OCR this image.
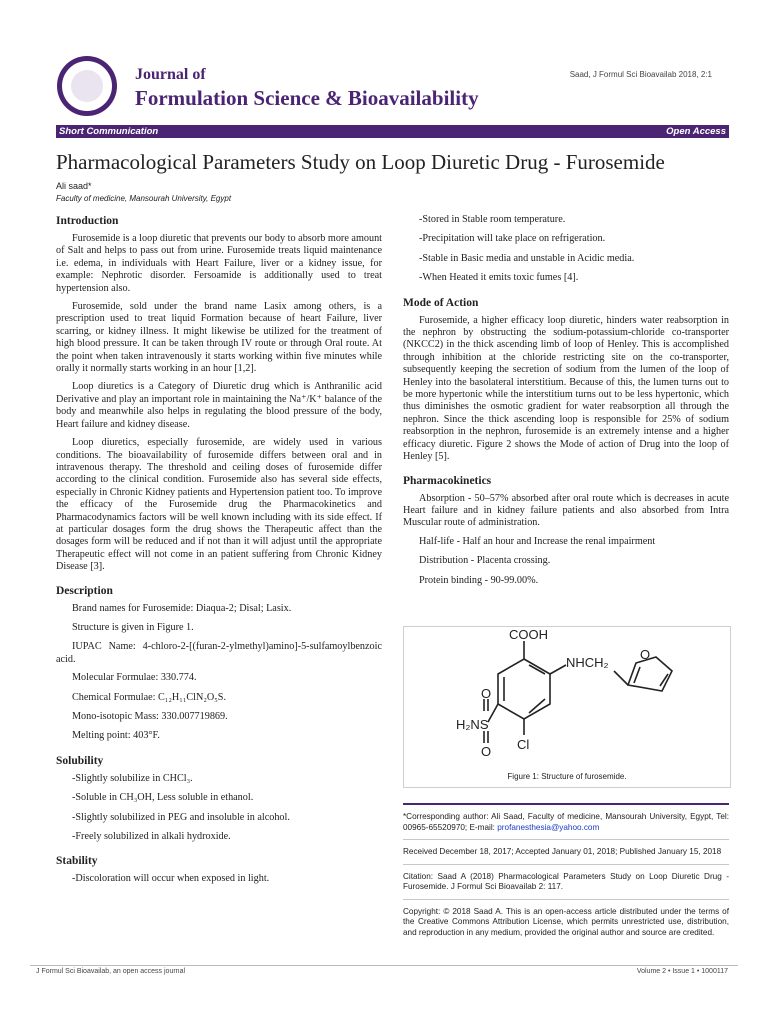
Journal of
Formulation Science & Bioavailability
Saad, J Formul Sci Bioavailab 2018, 2:1
Short Communication	Open Access
Pharmacological Parameters Study on Loop Diuretic Drug - Furosemide
Ali saad*
Faculty of medicine, Mansourah University, Egypt
Introduction

Furosemide is a loop diuretic that prevents our body to absorb more amount of Salt and helps to pass out from urine. Furosemide treats liquid maintenance i.e. edema, in individuals with Heart Failure, liver or a kidney issue, for example: Nephrotic disorder. Fersoamide is additionally used to treat hypertension also.

Furosemide, sold under the brand name Lasix among others, is a prescription used to treat liquid Formation because of heart Failure, liver scarring, or kidney illness. It might likewise be utilized for the treatment of high blood pressure. It can be taken through IV route or through Oral route. At the point when taken intravenously it starts working within five minutes while orally it normally starts working in an hour [1,2].

Loop diuretics is a Category of Diuretic drug which is Anthranilic acid Derivative and play an important role in maintaining the Na⁺/K⁺ balance of the body and meanwhile also helps in regulating the blood pressure of the body, Heart failure and kidney disease.

Loop diuretics, especially furosemide, are widely used in various conditions. The bioavailability of furosemide differs between oral and in intravenous therapy. The threshold and ceiling doses of furosemide differ according to the clinical condition. Furosemide also has several side effects, especially in Chronic Kidney patients and Hypertension patient too. To improve the efficacy of the Furosemide drug the Pharmacokinetics and Pharmacodynamics factors will be well known including with its side effect. If at particular dosages form the drug shows the Therapeutic affect than the dosages form will be reduced and if not than it will adjust until the appropriate Therapeutic effect will not come in an patient suffering from Chronic Kidney Disease [3].

Description

Brand names for Furosemide: Diaqua-2; Disal; Lasix.

Structure is given in Figure 1.

IUPAC Name: 4-chloro-2-[(furan-2-ylmethyl)amino]-5-sulfamoylbenzoic acid.

Molecular Formulae: 330.774.

Chemical Formulae: C₁₂H₁₁ClN₂O₅S.

Mono-isotopic Mass: 330.007719869.

Melting point: 403°F.

Solubility

-Slightly solubilize in CHCl₃.

-Soluble in CH₃OH, Less soluble in ethanol.

-Slightly solubilized in PEG and insoluble in alcohol.

-Freely solubilized in alkali hydroxide.

Stability

-Discoloration will occur when exposed in light.

-Stored in Stable room temperature.

-Precipitation will take place on refrigeration.

-Stable in Basic media and unstable in Acidic media.

-When Heated it emits toxic fumes [4].

Mode of Action

Furosemide, a higher efficacy loop diuretic, hinders water reabsorption in the nephron by obstructing the sodium-potassium-chloride co-transporter (NKCC2) in the thick ascending limb of loop of Henley. This is accomplished through inhibition at the chloride restricting site on the co-transporter, subsequently keeping the secretion of sodium from the lumen of the loop of Henley into the basolateral interstitium. Because of this, the lumen turns out to be more hypertonic while the interstitium turns out to be less hypertonic, which thus diminishes the osmotic gradient for water reabsorption all through the nephron. Since the thick ascending loop is responsible for 25% of sodium reabsorption in the nephron, furosemide is an extremely intense and a higher efficacy diuretic. Figure 2 shows the Mode of action of Drug into the loop of Henley [5].

Pharmacokinetics

Absorption - 50–57% absorbed after oral route which is decreases in acute Heart failure and in kidney failure patients and also absorbed from Intra Muscular route of administration.

Half-life - Half an hour and Increase the renal impairment

Distribution - Placenta crossing.

Protein binding - 90-99.00%.

COOH
NHCH₂
O
O
H₂NS
O Cl
Figure 1: Structure of furosemide.
*Corresponding author: Ali Saad, Faculty of medicine, Mansourah University, Egypt, Tel: 00965-65520970; E-mail: profanesthesia@yahoo.com
Received December 18, 2017; Accepted January 01, 2018; Published January 15, 2018
Citation: Saad A (2018) Pharmacological Parameters Study on Loop Diuretic Drug - Furosemide. J Formul Sci Bioavailab 2: 117.
Copyright: © 2018 Saad A. This is an open-access article distributed under the terms of the Creative Commons Attribution License, which permits unrestricted use, distribution, and reproduction in any medium, provided the original author and source are credited.
J Formul Sci Bioavailab, an open access journal	Volume 2 • Issue 1 • 1000117
